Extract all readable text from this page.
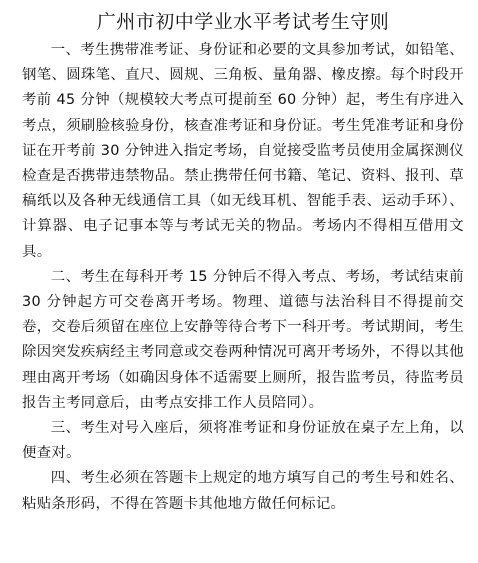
广州市初中学业水平考试考生守则

一、考生携带准考证、身份证和必要的文具参加考试，如铅笔、钢笔、圆珠笔、直尺、圆规、三角板、量角器、橡皮擦。每个时段开考前 45 分钟（规模较大考点可提前至 60 分钟）起，考生有序进入考点，须刷脸核验身份，核查准考证和身份证。考生凭准考证和身份证在开考前 30 分钟进入指定考场，自觉接受监考员使用金属探测仪检查是否携带违禁物品。禁止携带任何书籍、笔记、资料、报刊、草稿纸以及各种无线通信工具（如无线耳机、智能手表、运动手环）、计算器、电子记事本等与考试无关的物品。考场内不得相互借用文具。

二、考生在每科开考 15 分钟后不得入考点、考场，考试结束前 30 分钟起方可交卷离开考场。物理、道德与法治科目不得提前交卷，交卷后须留在座位上安静等待合考下一科开考。考试期间，考生除因突发疾病经主考同意或交卷两种情况可离开考场外，不得以其他理由离开考场（如确因身体不适需要上厕所，报告监考员，待监考员报告主考同意后，由考点安排工作人员陪同）。

三、考生对号入座后，须将准考证和身份证放在桌子左上角，以便查对。

四、考生必须在答题卡上规定的地方填写自己的考生号和姓名、粘贴条形码，不得在答题卡其他地方做任何标记。
